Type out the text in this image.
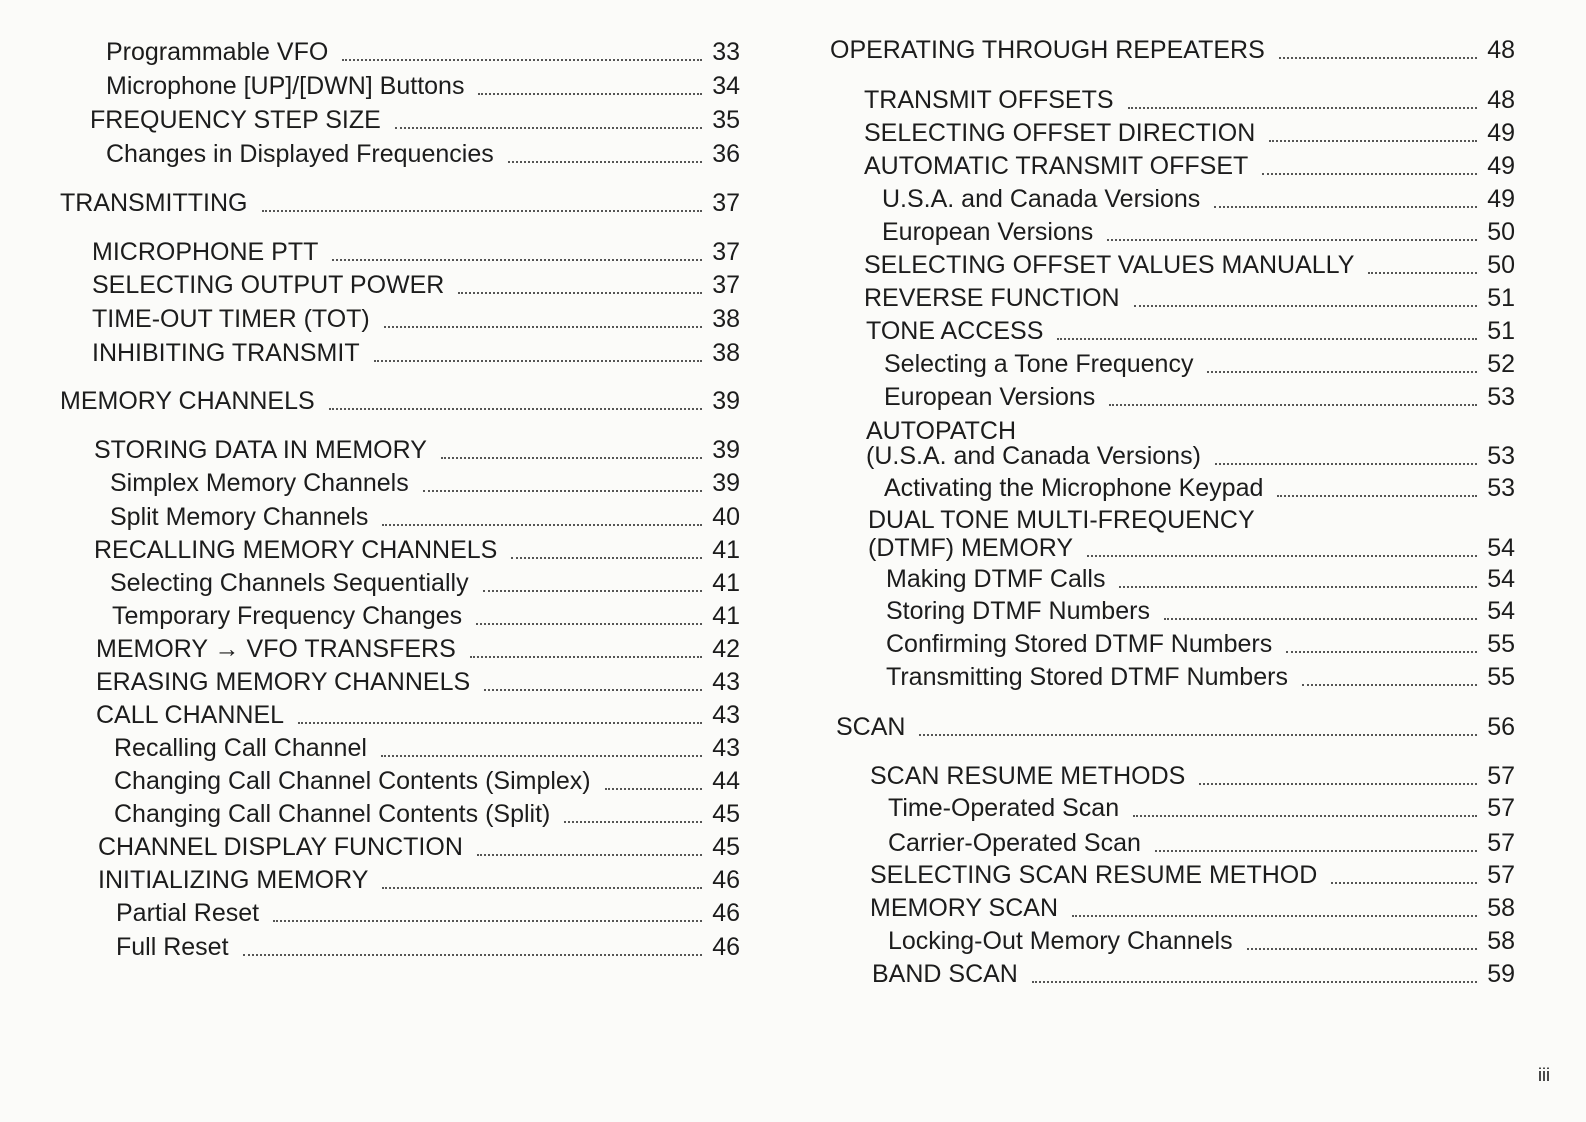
Programmable VFO	33
Microphone [UP]/[DWN] Buttons	34
FREQUENCY STEP SIZE	35
Changes in Displayed Frequencies	36
TRANSMITTING	37
MICROPHONE PTT	37
SELECTING OUTPUT POWER	37
TIME-OUT TIMER (TOT)	38
INHIBITING TRANSMIT	38
MEMORY CHANNELS	39
STORING DATA IN MEMORY	39
Simplex Memory Channels	39
Split Memory Channels	40
RECALLING MEMORY CHANNELS	41
Selecting Channels Sequentially	41
Temporary Frequency Changes	41
MEMORY → VFO TRANSFERS	42
ERASING MEMORY CHANNELS	43
CALL CHANNEL	43
Recalling Call Channel	43
Changing Call Channel Contents (Simplex)	44
Changing Call Channel Contents (Split)	45
CHANNEL DISPLAY FUNCTION	45
INITIALIZING MEMORY	46
Partial Reset	46
Full Reset	46
OPERATING THROUGH REPEATERS	48
TRANSMIT OFFSETS	48
SELECTING OFFSET DIRECTION	49
AUTOMATIC TRANSMIT OFFSET	49
U.S.A. and Canada Versions	49
European Versions	50
SELECTING OFFSET VALUES MANUALLY	50
REVERSE FUNCTION	51
TONE ACCESS	51
Selecting a Tone Frequency	52
European Versions	53
AUTOPATCH
(U.S.A. and Canada Versions)	53
Activating the Microphone Keypad	53
DUAL TONE MULTI-FREQUENCY
(DTMF) MEMORY	54
Making DTMF Calls	54
Storing DTMF Numbers	54
Confirming Stored DTMF Numbers	55
Transmitting Stored DTMF Numbers	55
SCAN	56
SCAN RESUME METHODS	57
Time-Operated Scan	57
Carrier-Operated Scan	57
SELECTING SCAN RESUME METHOD	57
MEMORY SCAN	58
Locking-Out Memory Channels	58
BAND SCAN	59
iii
